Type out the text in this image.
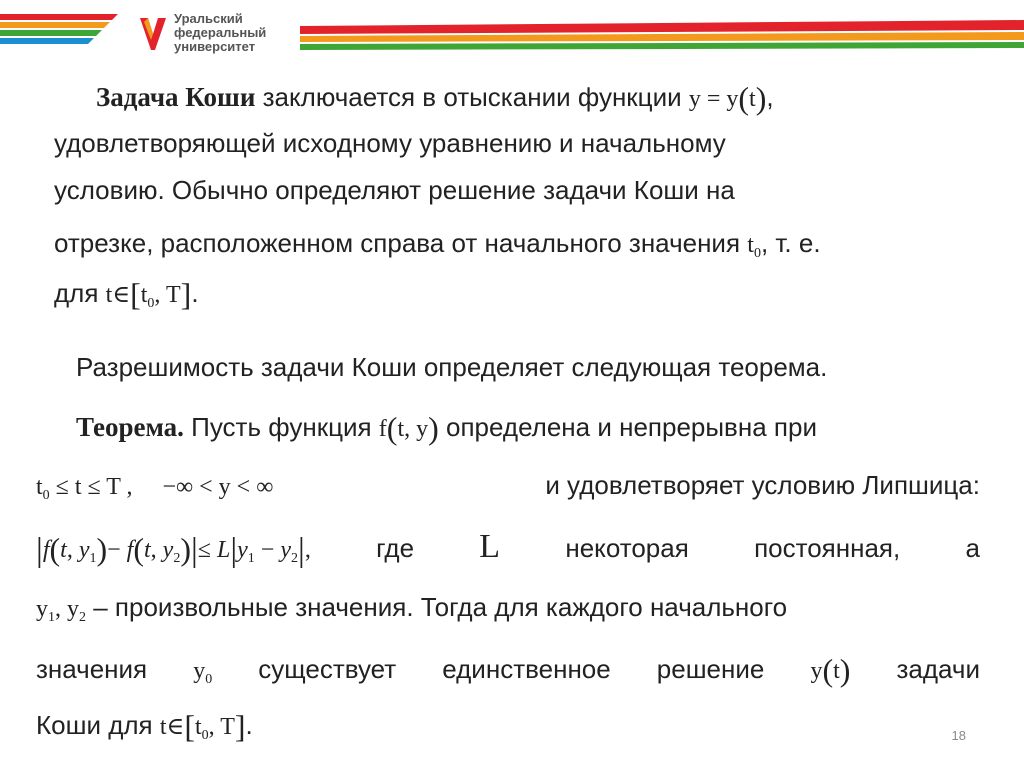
Уральский
федеральный
университет
Задача Коши заключается в отыскании функции y = y(t),
удовлетворяющей исходному уравнению и начальному
условию. Обычно определяют решение задачи Коши на
отрезке, расположенном справа от начального значения $t_0$, т. е.
для $t\in[t_0$, T].
Разрешимость задачи Коши определяет следующая теорема.
Теорема. Пусть функция f(t, y) определена и непрерывна при
$t_0 \le t \le T$ ,     −∞ < y < ∞	и удовлетворяет условию Липшица:
|f(t, $y_1)- f(t$, $y_2)|\le L|y_1 - y_2|$,	где L	некоторая	постоянная,	а
$y_1$, $y_2$ – произвольные значения. Тогда для каждого начального
значения $y_0$ существует единственное решение y(t) задачи
Коши для $t\in[t_0$, T].	18
